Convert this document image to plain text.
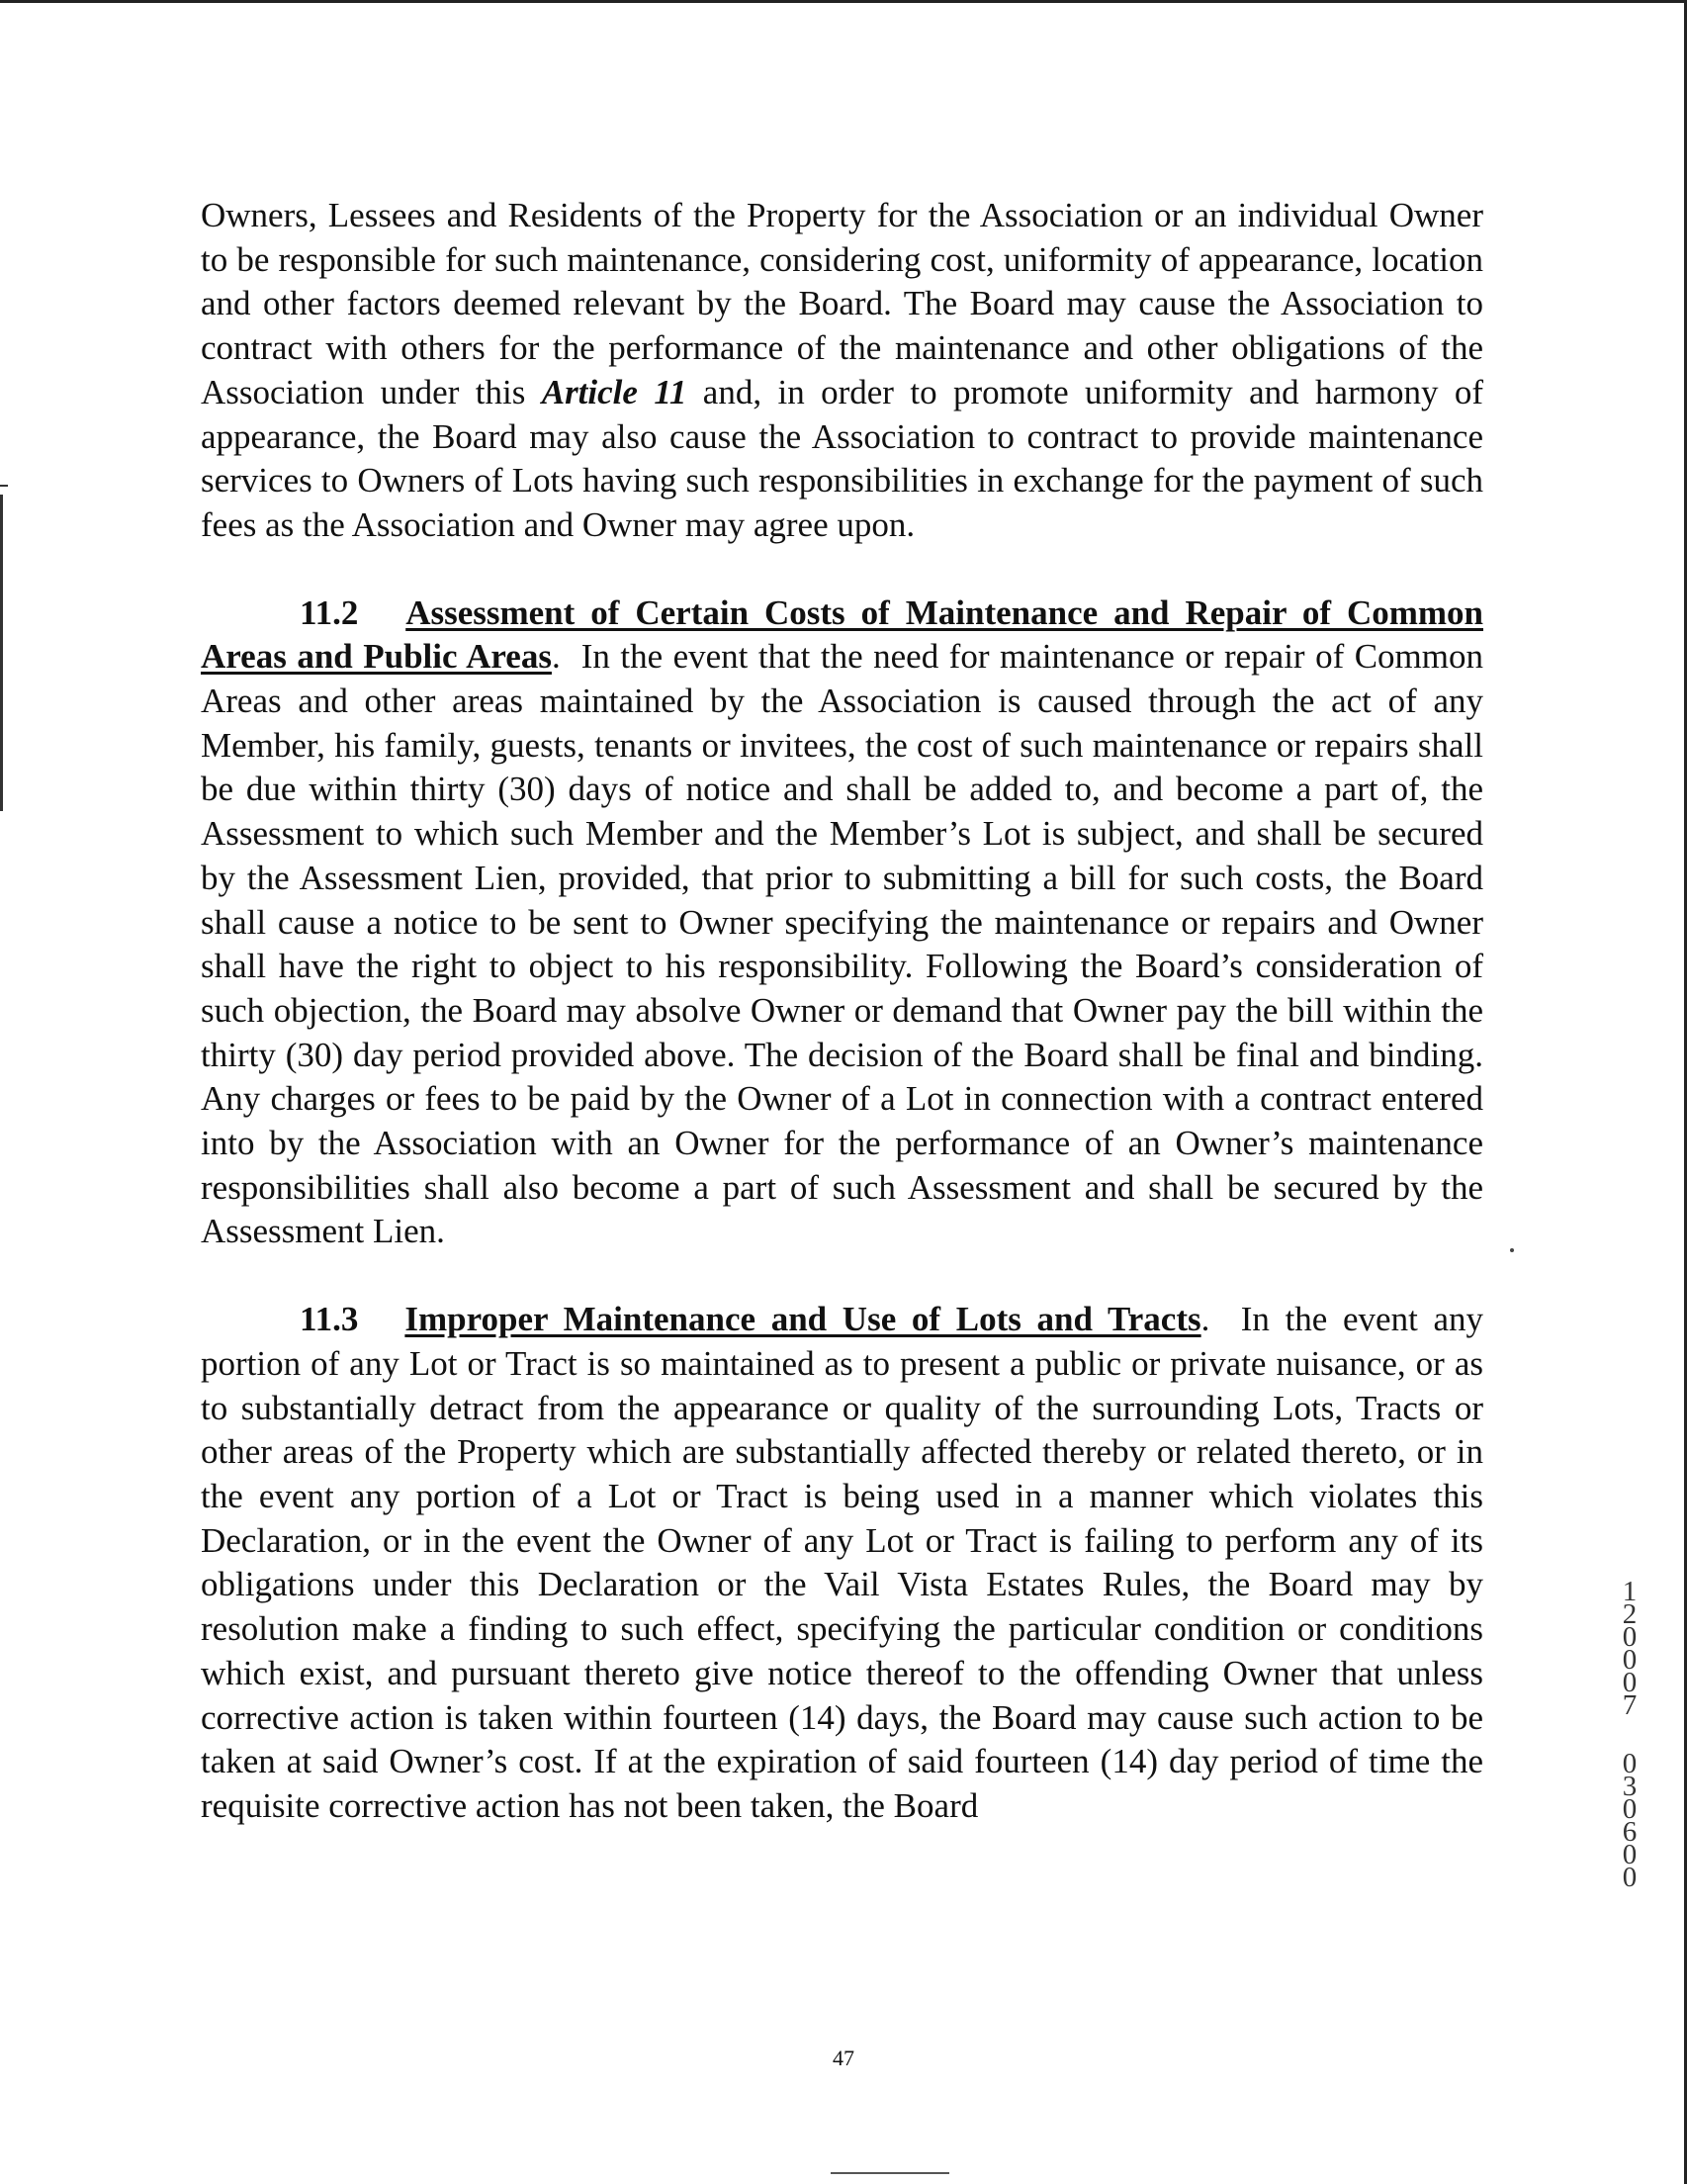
Owners, Lessees and Residents of the Property for the Association or an individual Owner to be responsible for such maintenance, considering cost, uniformity of appearance, location and other factors deemed relevant by the Board. The Board may cause the Association to contract with others for the performance of the maintenance and other obligations of the Association under this Article 11 and, in order to promote uniformity and harmony of appearance, the Board may also cause the Association to contract to provide maintenance services to Owners of Lots having such responsibilities in exchange for the payment of such fees as the Association and Owner may agree upon.

11.2 Assessment of Certain Costs of Maintenance and Repair of Common Areas and Public Areas. In the event that the need for maintenance or repair of Common Areas and other areas maintained by the Association is caused through the act of any Member, his family, guests, tenants or invitees, the cost of such maintenance or repairs shall be due within thirty (30) days of notice and shall be added to, and become a part of, the Assessment to which such Member and the Member’s Lot is subject, and shall be secured by the Assessment Lien, provided, that prior to submitting a bill for such costs, the Board shall cause a notice to be sent to Owner specifying the maintenance or repairs and Owner shall have the right to object to his responsibility. Following the Board’s consideration of such objection, the Board may absolve Owner or demand that Owner pay the bill within the thirty (30) day period provided above. The decision of the Board shall be final and binding. Any charges or fees to be paid by the Owner of a Lot in connection with a contract entered into by the Association with an Owner for the performance of an Owner’s maintenance responsibilities shall also become a part of such Assessment and shall be secured by the Assessment Lien.

11.3 Improper Maintenance and Use of Lots and Tracts. In the event any portion of any Lot or Tract is so maintained as to present a public or private nuisance, or as to substantially detract from the appearance or quality of the surrounding Lots, Tracts or other areas of the Property which are substantially affected thereby or related thereto, or in the event any portion of a Lot or Tract is being used in a manner which violates this Declaration, or in the event the Owner of any Lot or Tract is failing to perform any of its obligations under this Declaration or the Vail Vista Estates Rules, the Board may by resolution make a finding to such effect, specifying the particular condition or conditions which exist, and pursuant thereto give notice thereof to the offending Owner that unless corrective action is taken within fourteen (14) days, the Board may cause such action to be taken at said Owner’s cost. If at the expiration of said fourteen (14) day period of time the requisite corrective action has not been taken, the Board

1
2
0
0
0
7
0
3
0
6
0
0
47
